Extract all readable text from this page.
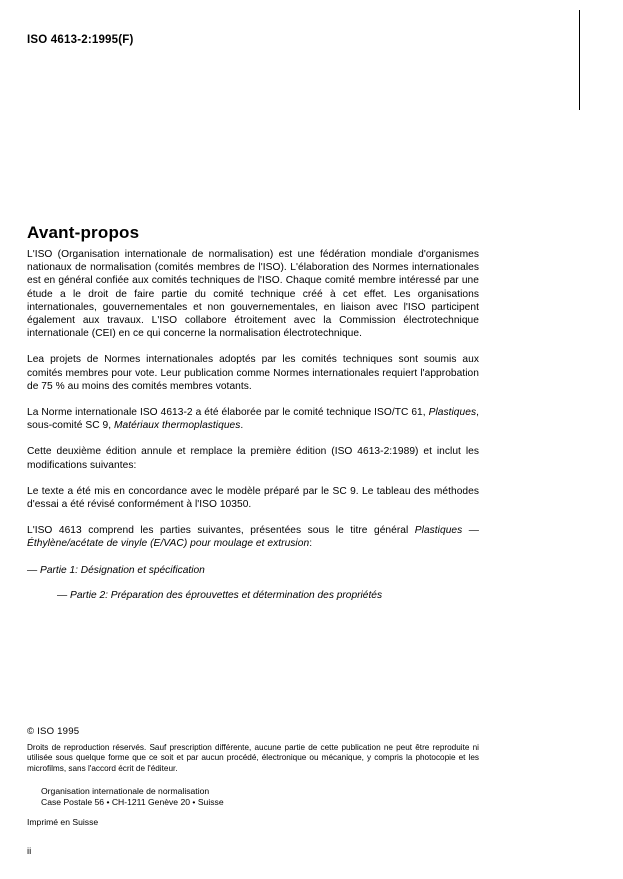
ISO 4613-2:1995(F)
Avant-propos

L'ISO (Organisation internationale de normalisation) est une fédération mondiale d'organismes nationaux de normalisation (comités membres de l'ISO). L'élaboration des Normes internationales est en général confiée aux comités techniques de l'ISO. Chaque comité membre intéressé par une étude a le droit de faire partie du comité technique créé à cet effet. Les organisations internationales, gouvernementales et non gouvernementales, en liaison avec l'ISO participent également aux travaux. L'ISO collabore étroitement avec la Commission électrotechnique internationale (CEI) en ce qui concerne la normalisation électrotechnique.

Lea projets de Normes internationales adoptés par les comités techniques sont soumis aux comités membres pour vote. Leur publication comme Normes internationales requiert l'approbation de 75 % au moins des comités membres votants.

La Norme internationale ISO 4613-2 a été élaborée par le comité technique ISO/TC 61, Plastiques, sous-comité SC 9, Matériaux thermoplastiques.

Cette deuxième édition annule et remplace la première édition (ISO 4613-2:1989) et inclut les modifications suivantes:

Le texte a été mis en concordance avec le modèle préparé par le SC 9. Le tableau des méthodes d'essai a été révisé conformément à l'ISO 10350.

L'ISO 4613 comprend les parties suivantes, présentées sous le titre général Plastiques — Éthylène/acétate de vinyle (E/VAC) pour moulage et extrusion:

— Partie 1: Désignation et spécification

— Partie 2: Préparation des éprouvettes et détermination des propriétés

© ISO 1995

Droits de reproduction réservés. Sauf prescription différente, aucune partie de cette publication ne peut être reproduite ni utilisée sous quelque forme que ce soit et par aucun procédé, électronique ou mécanique, y compris la photocopie et les microfilms, sans l'accord écrit de l'éditeur.

Organisation internationale de normalisation
Case Postale 56 • CH-1211 Genève 20 • Suisse
Imprimé en Suisse
ii
